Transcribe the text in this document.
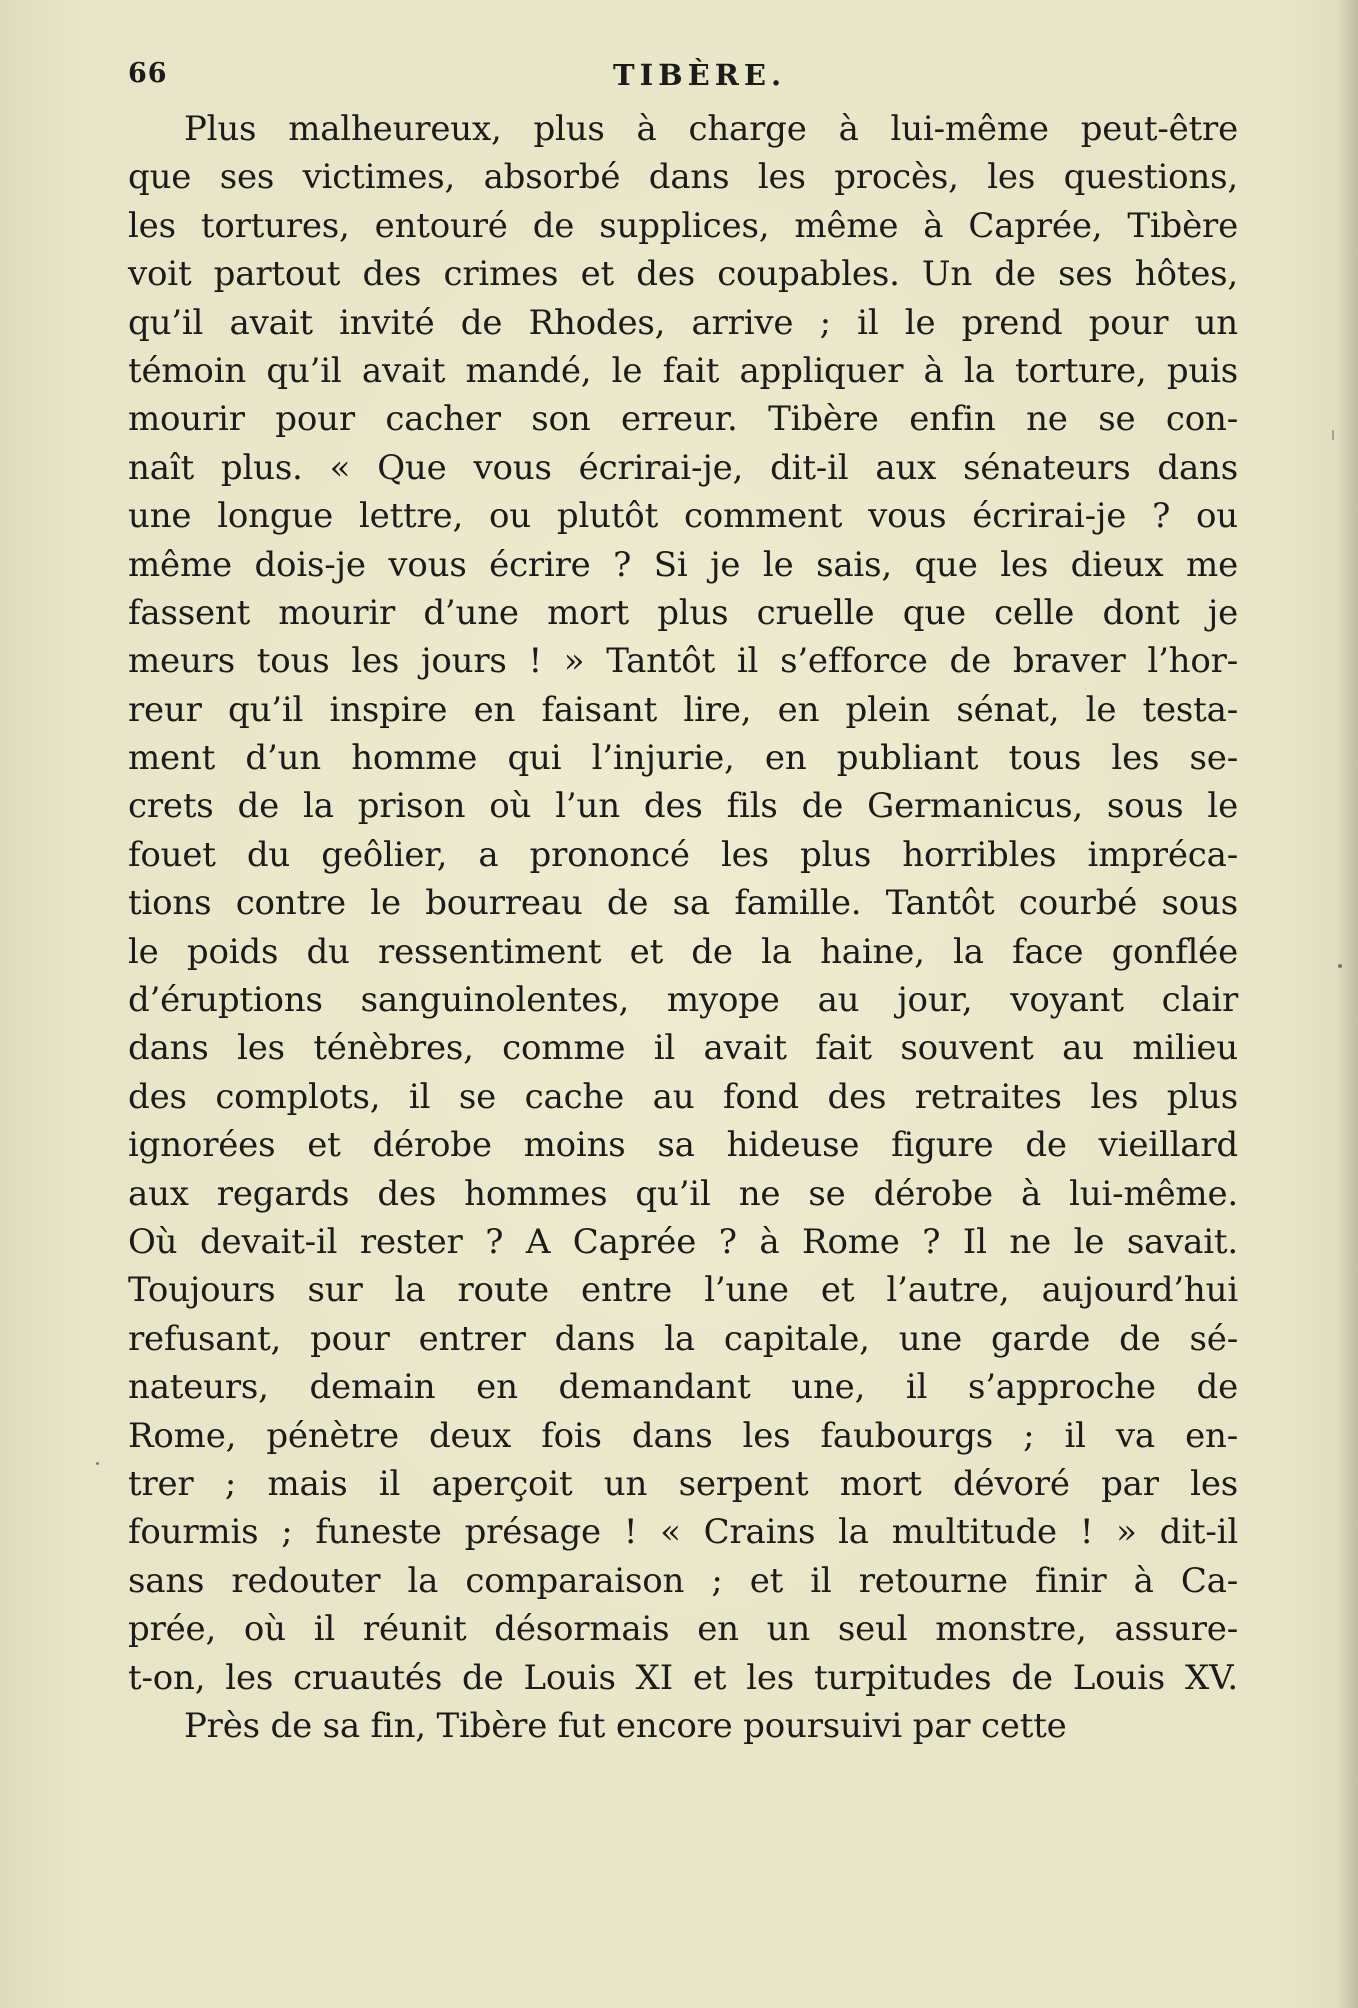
66	TIBÈRE.
Plus malheureux, plus à charge à lui-même peut-être
que ses victimes, absorbé dans les procès, les questions,
les tortures, entouré de supplices, même à Caprée, Tibère
voit partout des crimes et des coupables. Un de ses hôtes,
qu’il avait invité de Rhodes, arrive ; il le prend pour un
témoin qu’il avait mandé, le fait appliquer à la torture, puis
mourir pour cacher son erreur. Tibère enfin ne se con-
naît plus. « Que vous écrirai-je, dit-il aux sénateurs dans
une longue lettre, ou plutôt comment vous écrirai-je ? ou
même dois-je vous écrire ? Si je le sais, que les dieux me
fassent mourir d’une mort plus cruelle que celle dont je
meurs tous les jours ! » Tantôt il s’efforce de braver l’hor-
reur qu’il inspire en faisant lire, en plein sénat, le testa-
ment d’un homme qui l’injurie, en publiant tous les se-
crets de la prison où l’un des fils de Germanicus, sous le
fouet du geôlier, a prononcé les plus horribles impréca-
tions contre le bourreau de sa famille. Tantôt courbé sous
le poids du ressentiment et de la haine, la face gonflée
d’éruptions sanguinolentes, myope au jour, voyant clair
dans les ténèbres, comme il avait fait souvent au milieu
des complots, il se cache au fond des retraites les plus
ignorées et dérobe moins sa hideuse figure de vieillard
aux regards des hommes qu’il ne se dérobe à lui-même.
Où devait-il rester ? A Caprée ? à Rome ? Il ne le savait.
Toujours sur la route entre l’une et l’autre, aujourd’hui
refusant, pour entrer dans la capitale, une garde de sé-
nateurs, demain en demandant une, il s’approche de
Rome, pénètre deux fois dans les faubourgs ; il va en-
trer ; mais il aperçoit un serpent mort dévoré par les
fourmis ; funeste présage ! « Crains la multitude ! » dit-il
sans redouter la comparaison ; et il retourne finir à Ca-
prée, où il réunit désormais en un seul monstre, assure-
t-on, les cruautés de Louis XI et les turpitudes de Louis XV.
Près de sa fin, Tibère fut encore poursuivi par cette
